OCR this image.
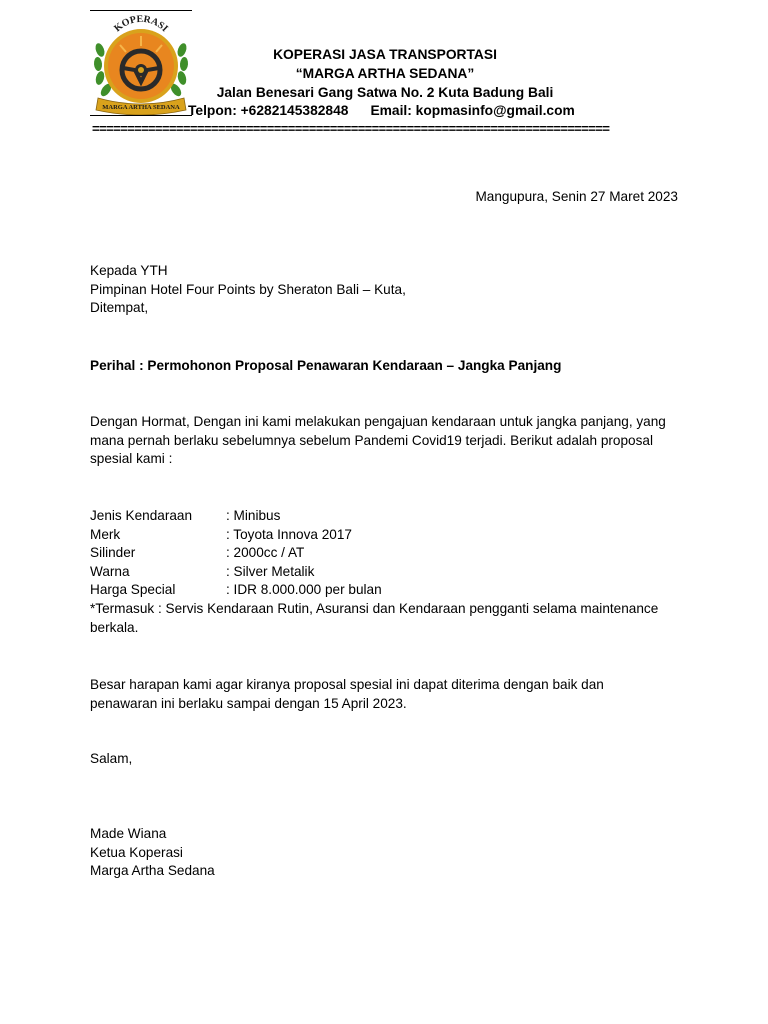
KOPERASI
MARGA ARTHA SEDANA
KOPERASI JASA TRANSPORTASI
“MARGA ARTHA SEDANA”
Jalan Benesari Gang Satwa No. 2 Kuta Badung Bali
Telpon: +6282145382848 Email: kopmasinfo@gmail.com
==========================================================================
Mangupura, Senin 27 Maret 2023
Kepada YTH
Pimpinan Hotel Four Points by Sheraton Bali – Kuta,
Ditempat,
Perihal : Permohonon Proposal Penawaran Kendaraan – Jangka Panjang
Dengan Hormat, Dengan ini kami melakukan pengajuan kendaraan untuk jangka panjang, yang
mana pernah berlaku sebelumnya sebelum Pandemi Covid19 terjadi. Berikut adalah proposal
spesial kami :
Jenis Kendaraan	: Minibus
Merk	: Toyota Innova 2017
Silinder	: 2000cc / AT
Warna	: Silver Metalik
Harga Special	: IDR 8.000.000 per bulan
*Termasuk : Servis Kendaraan Rutin, Asuransi dan Kendaraan pengganti selama maintenance
berkala.
Besar harapan kami agar kiranya proposal spesial ini dapat diterima dengan baik dan
penawaran ini berlaku sampai dengan 15 April 2023.
Salam,
Made Wiana
Ketua Koperasi
Marga Artha Sedana
